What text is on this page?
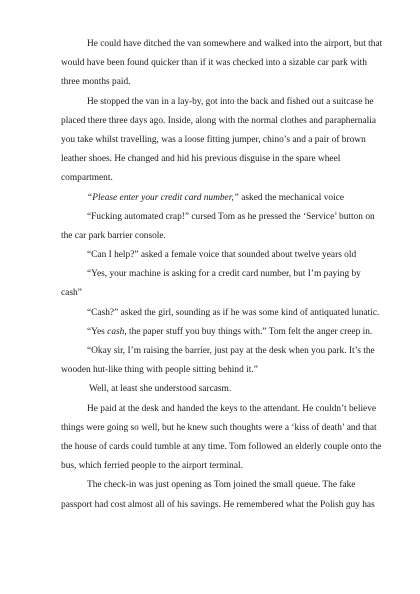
He could have ditched the van somewhere and walked into the airport, but that
would have been found quicker than if it was checked into a sizable car park with
three months paid.
He stopped the van in a lay-by, got into the back and fished out a suitcase he
placed there three days ago. Inside, along with the normal clothes and paraphernalia
you take whilst travelling, was a loose fitting jumper, chino’s and a pair of brown
leather shoes. He changed and hid his previous disguise in the spare wheel
compartment.
“Please enter your credit card number,” asked the mechanical voice
“Fucking automated crap!” cursed Tom as he pressed the ‘Service’ button on
the car park barrier console.
“Can I help?” asked a female voice that sounded about twelve years old
“Yes, your machine is asking for a credit card number, but I’m paying by
cash”
“Cash?” asked the girl, sounding as if he was some kind of antiquated lunatic.
“Yes cash, the paper stuff you buy things with.” Tom felt the anger creep in.
“Okay sir, I’m raising the barrier, just pay at the desk when you park. It’s the
wooden hut-like thing with people sitting behind it.”
Well, at least she understood sarcasm.
He paid at the desk and handed the keys to the attendant. He couldn’t believe
things were going so well, but he knew such thoughts were a ‘kiss of death’ and that
the house of cards could tumble at any time. Tom followed an elderly couple onto the
bus, which ferried people to the airport terminal.
The check-in was just opening as Tom joined the small queue. The fake
passport had cost almost all of his savings. He remembered what the Polish guy has
